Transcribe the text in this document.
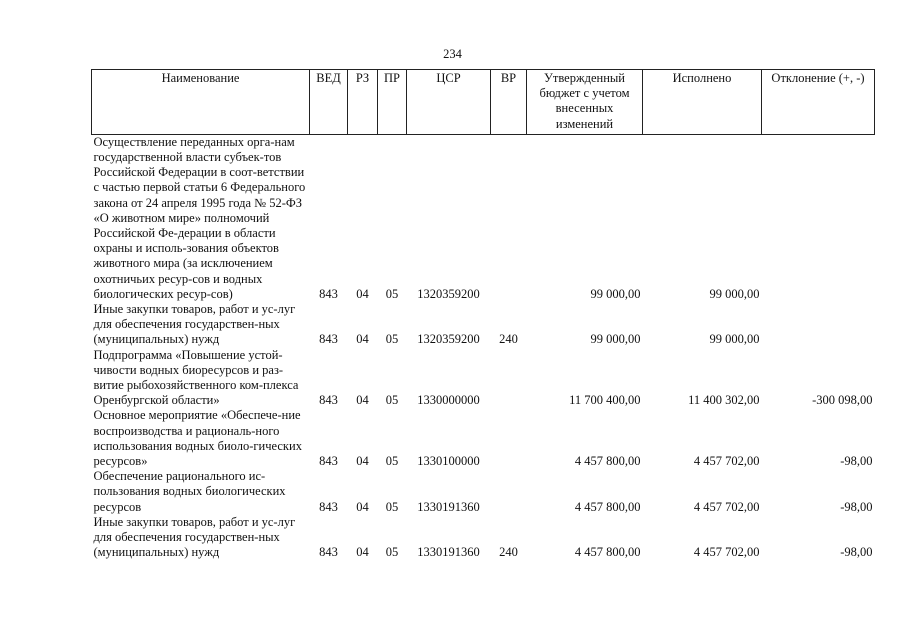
234
Наименование	ВЕД	РЗ	ПР	ЦСР	ВР	Утвержденный бюджет с учетом внесенных изменений	Исполнено	Отклонение (+, -)
Осуществление переданных орга-нам государственной власти субъек-тов Российской Федерации в соот-ветствии с частью первой статьи 6 Федерального закона от 24 апреля 1995 года № 52-ФЗ «О животном мире» полномочий Российской Фе-дерации в области охраны и исполь-зования объектов животного мира (за исключением охотничьих ресур-сов и водных биологических ресур-сов)	843	04	05	1320359200		99 000,00	99 000,00	
Иные закупки товаров, работ и ус-луг для обеспечения государствен-ных (муниципальных) нужд	843	04	05	1320359200	240	99 000,00	99 000,00	
Подпрограмма «Повышение устой-чивости водных биоресурсов и раз-витие рыбохозяйственного ком-плекса Оренбургской области»	843	04	05	1330000000		11 700 400,00	11 400 302,00	-300 098,00
Основное мероприятие «Обеспече-ние воспроизводства и рациональ-ного использования водных биоло-гических ресурсов»	843	04	05	1330100000		4 457 800,00	4 457 702,00	-98,00
Обеспечение рационального ис-пользования водных биологических ресурсов	843	04	05	1330191360		4 457 800,00	4 457 702,00	-98,00
Иные закупки товаров, работ и ус-луг для обеспечения государствен-ных (муниципальных) нужд	843	04	05	1330191360	240	4 457 800,00	4 457 702,00	-98,00
